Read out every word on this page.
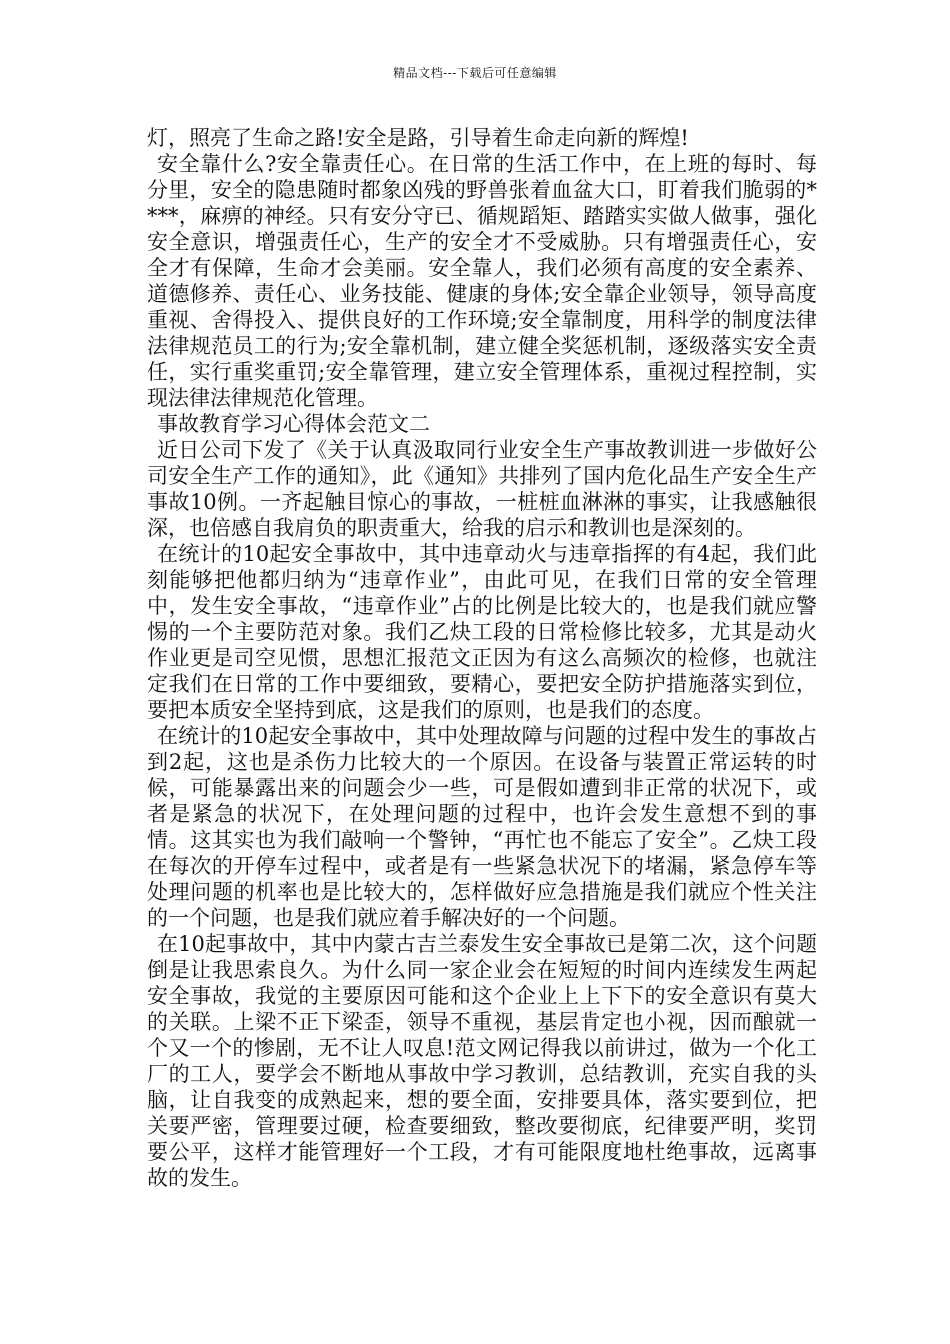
精品文档---下载后可任意编辑

灯，照亮了生命之路!安全是路，引导着生命走向新的辉煌!

安全靠什么?安全靠责任心。在日常的生活工作中，在上班的每时、每分里，安全的隐患随时都象凶残的野兽张着血盆大口，盯着我们脆弱的****，麻痹的神经。只有安分守已、循规蹈矩、踏踏实实做人做事，强化安全意识，增强责任心，生产的安全才不受威胁。只有增强责任心，安全才有保障，生命才会美丽。安全靠人，我们必须有高度的安全素养、道德修养、责任心、业务技能、健康的身体;安全靠企业领导，领导高度重视、舍得投入、提供良好的工作环境;安全靠制度，用科学的制度法律法律规范员工的行为;安全靠机制，建立健全奖惩机制，逐级落实安全责任，实行重奖重罚;安全靠管理，建立安全管理体系，重视过程控制，实现法律法律规范化管理。

事故教育学习心得体会范文二

近日公司下发了《关于认真汲取同行业安全生产事故教训进一步做好公司安全生产工作的通知》，此《通知》共排列了国内危化品生产安全生产事故10例。一齐起触目惊心的事故，一桩桩血淋淋的事实，让我感触很深，也倍感自我肩负的职责重大，给我的启示和教训也是深刻的。

在统计的10起安全事故中，其中违章动火与违章指挥的有4起，我们此刻能够把他都归纳为“违章作业”，由此可见，在我们日常的安全管理中，发生安全事故，“违章作业”占的比例是比较大的，也是我们就应警惕的一个主要防范对象。我们乙炔工段的日常检修比较多，尤其是动火作业更是司空见惯，思想汇报范文正因为有这么高频次的检修，也就注定我们在日常的工作中要细致，要精心，要把安全防护措施落实到位，要把本质安全坚持到底，这是我们的原则，也是我们的态度。

在统计的10起安全事故中，其中处理故障与问题的过程中发生的事故占到2起，这也是杀伤力比较大的一个原因。在设备与装置正常运转的时候，可能暴露出来的问题会少一些，可是假如遭到非正常的状况下，或者是紧急的状况下，在处理问题的过程中，也许会发生意想不到的事情。这其实也为我们敲响一个警钟，“再忙也不能忘了安全”。乙炔工段在每次的开停车过程中，或者是有一些紧急状况下的堵漏，紧急停车等处理问题的机率也是比较大的，怎样做好应急措施是我们就应个性关注的一个问题，也是我们就应着手解决好的一个问题。

在10起事故中，其中内蒙古吉兰泰发生安全事故已是第二次，这个问题倒是让我思索良久。为什么同一家企业会在短短的时间内连续发生两起安全事故，我觉的主要原因可能和这个企业上上下下的安全意识有莫大的关联。上梁不正下梁歪，领导不重视，基层肯定也小视，因而酿就一个又一个的惨剧，无不让人叹息!范文网记得我以前讲过，做为一个化工厂的工人，要学会不断地从事故中学习教训，总结教训，充实自我的头脑，让自我变的成熟起来，想的要全面，安排要具体，落实要到位，把关要严密，管理要过硬，检查要细致，整改要彻底，纪律要严明，奖罚要公平，这样才能管理好一个工段，才有可能限度地杜绝事故，远离事故的发生。
